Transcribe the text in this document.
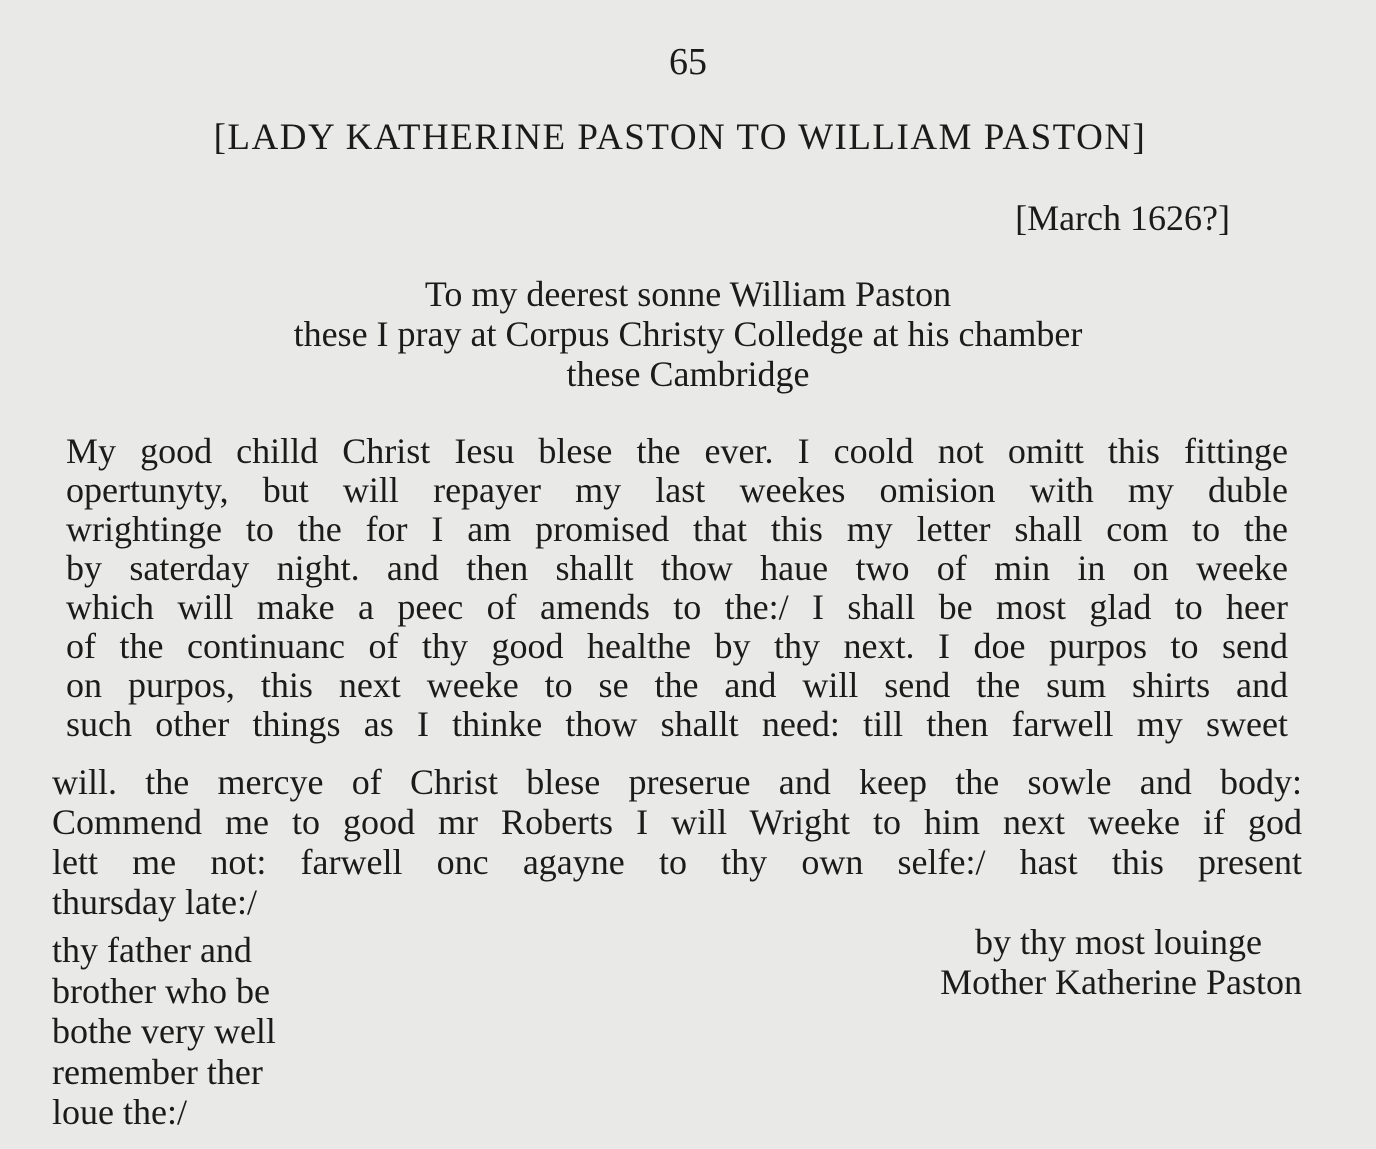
65
[LADY KATHERINE PASTON TO WILLIAM PASTON]
[March 1626?]
To my deerest sonne William Paston
these I pray at Corpus Christy Colledge at his chamber
these Cambridge
My good chilld Christ Iesu blese the ever. I coold not omitt this fittinge
opertunyty, but will repayer my last weekes omision with my duble
wrightinge to the for I am promised that this my letter shall com to the
by saterday night. and then shallt thow haue two of min in on weeke
which will make a peec of amends to the:/ I shall be most glad to heer
of the continuanc of thy good healthe by thy next. I doe purpos to send
on purpos, this next weeke to se the and will send the sum shirts and
such other things as I thinke thow shallt need: till then farwell my sweet
will. the mercye of Christ blese preserue and keep the sowle and body:
Commend me to good mr Roberts I will Wright to him next weeke if god
lett me not: farwell onc agayne to thy own selfe:/ hast this present
thursday late:/
thy father and
brother who be
bothe very well
remember ther
loue the:/
by thy most louinge
Mother Katherine Paston
